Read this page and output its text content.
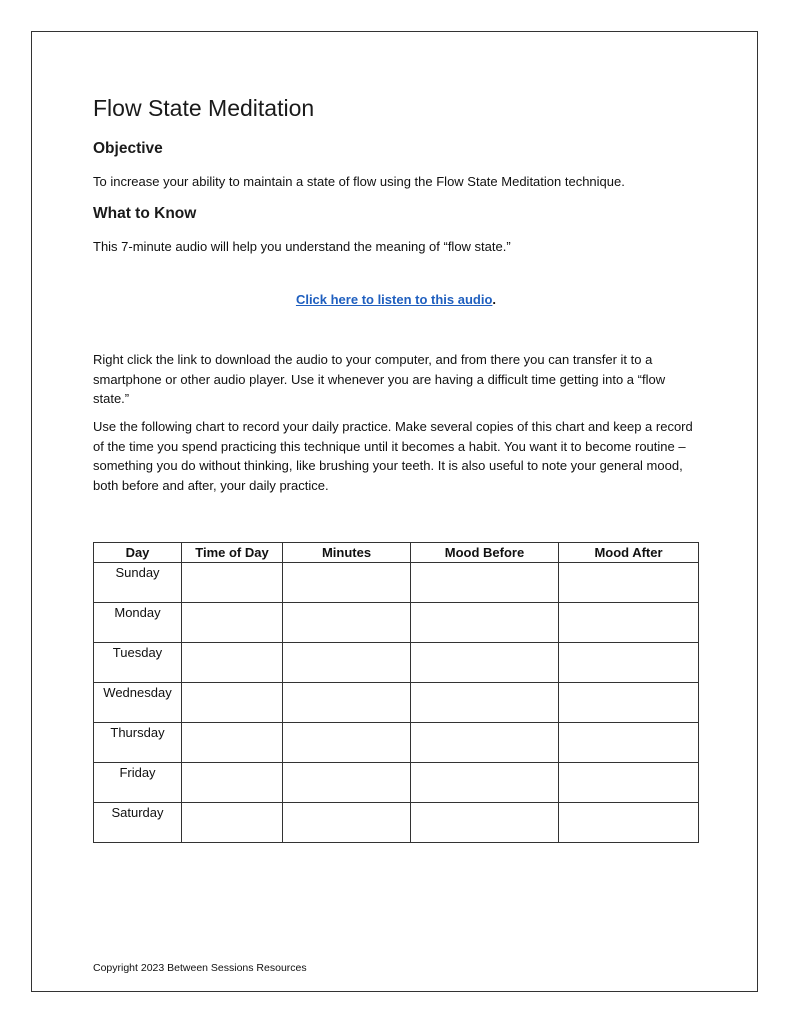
Flow State Meditation
Objective

To increase your ability to maintain a state of flow using the Flow State Meditation technique.

What to Know

This 7-minute audio will help you understand the meaning of “flow state.”

Click here to listen to this audio.

Right click the link to download the audio to your computer, and from there you can transfer it to a smartphone or other audio player. Use it whenever you are having a difficult time getting into a “flow state.”

Use the following chart to record your daily practice. Make several copies of this chart and keep a record of the time you spend practicing this technique until it becomes a habit. You want it to become routine – something you do without thinking, like brushing your teeth. It is also useful to note your general mood, both before and after, your daily practice.

Day	Time of Day	Minutes	Mood Before	Mood After
Sunday				
Monday				
Tuesday				
Wednesday				
Thursday				
Friday				
Saturday				

Copyright 2023 Between Sessions Resources
